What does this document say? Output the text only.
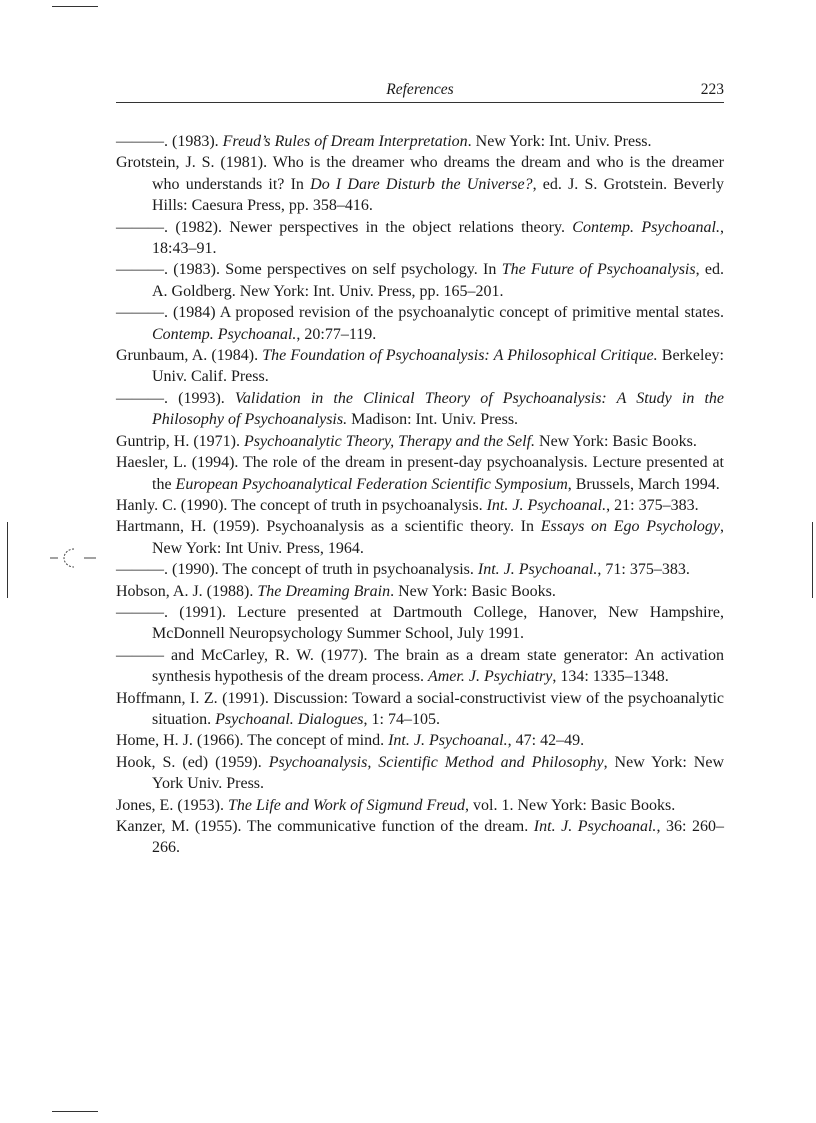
References	223

———. (1983). Freud’s Rules of Dream Interpretation. New York: Int. Univ. Press.

Grotstein, J. S. (1981). Who is the dreamer who dreams the dream and who is the dreamer who understands it? In Do I Dare Disturb the Universe?, ed. J. S. Grotstein. Beverly Hills: Caesura Press, pp. 358–416.

———. (1982). Newer perspectives in the object relations theory. Contemp. Psychoanal., 18:43–91.

———. (1983). Some perspectives on self psychology. In The Future of Psychoanalysis, ed. A. Goldberg. New York: Int. Univ. Press, pp. 165–201.

———. (1984) A proposed revision of the psychoanalytic concept of primitive mental states. Contemp. Psychoanal., 20:77–119.

Grunbaum, A. (1984). The Foundation of Psychoanalysis: A Philosophical Critique. Berkeley: Univ. Calif. Press.

———. (1993). Validation in the Clinical Theory of Psychoanalysis: A Study in the Philosophy of Psychoanalysis. Madison: Int. Univ. Press.

Guntrip, H. (1971). Psychoanalytic Theory, Therapy and the Self. New York: Basic Books.

Haesler, L. (1994). The role of the dream in present-day psychoanalysis. Lecture presented at the European Psychoanalytical Federation Scientific Symposium, Brussels, March 1994.

Hanly. C. (1990). The concept of truth in psychoanalysis. Int. J. Psychoanal., 21: 375–383.

Hartmann, H. (1959). Psychoanalysis as a scientific theory. In Essays on Ego Psychology, New York: Int Univ. Press, 1964.

———. (1990). The concept of truth in psychoanalysis. Int. J. Psychoanal., 71: 375–383.

Hobson, A. J. (1988). The Dreaming Brain. New York: Basic Books.

———. (1991). Lecture presented at Dartmouth College, Hanover, New Hampshire, McDonnell Neuropsychology Summer School, July 1991.

——— and McCarley, R. W. (1977). The brain as a dream state generator: An activation synthesis hypothesis of the dream process. Amer. J. Psychiatry, 134: 1335–1348.

Hoffmann, I. Z. (1991). Discussion: Toward a social-constructivist view of the psychoanalytic situation. Psychoanal. Dialogues, 1: 74–105.

Home, H. J. (1966). The concept of mind. Int. J. Psychoanal., 47: 42–49.

Hook, S. (ed) (1959). Psychoanalysis, Scientific Method and Philosophy, New York: New York Univ. Press.

Jones, E. (1953). The Life and Work of Sigmund Freud, vol. 1. New York: Basic Books.

Kanzer, M. (1955). The communicative function of the dream. Int. J. Psychoanal., 36: 260–266.
